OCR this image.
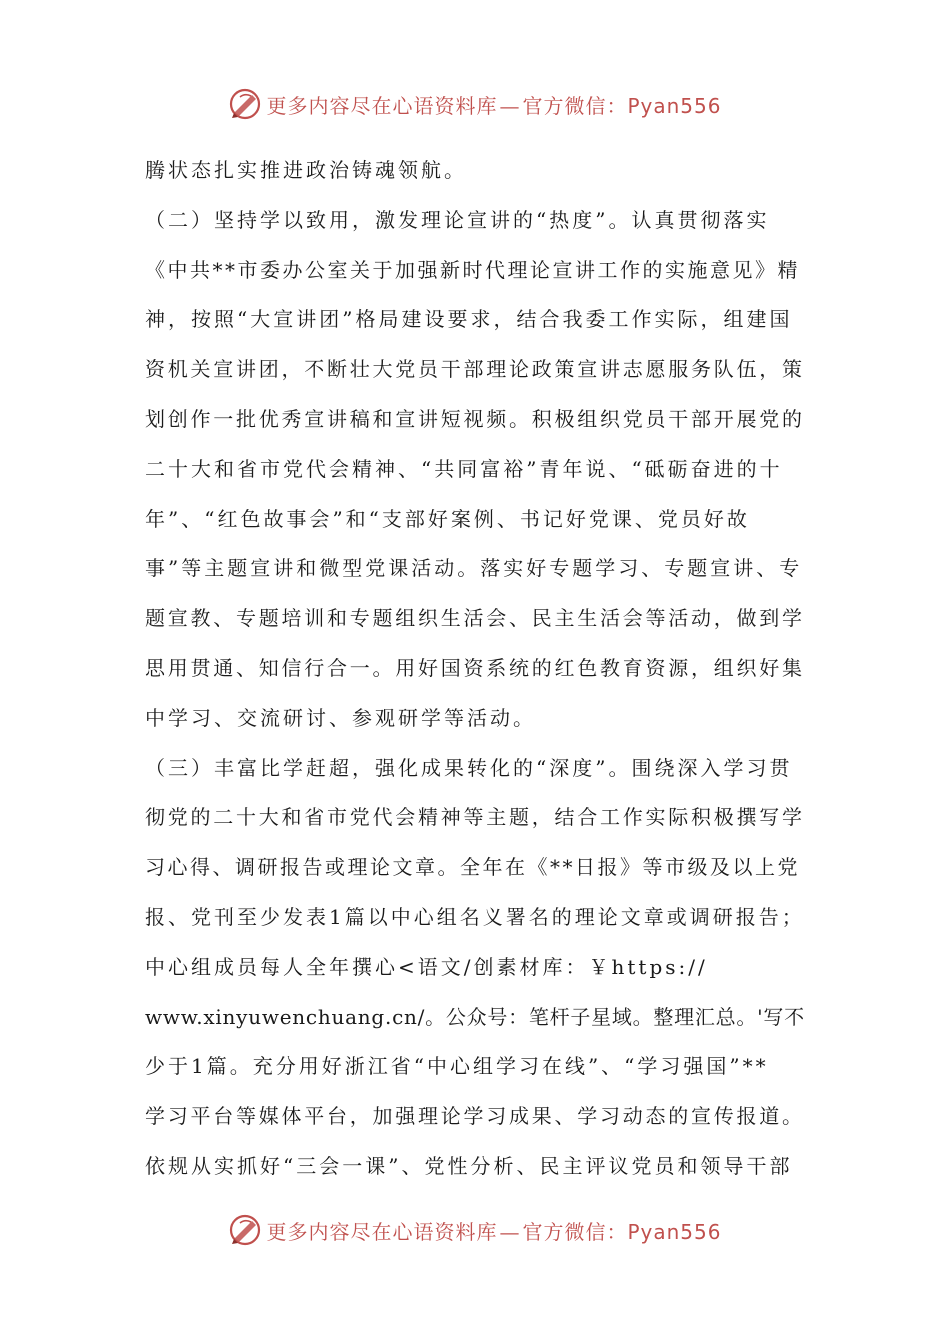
更多内容尽在心语资料库 — 官方微信：Pyan556
腾状态扎实推进政治铸魂领航。
（二）坚持学以致用，激发理论宣讲的“热度”。认真贯彻落实
《中共**市委办公室关于加强新时代理论宣讲工作的实施意见》精
神，按照“大宣讲团”格局建设要求，结合我委工作实际，组建国
资机关宣讲团，不断壮大党员干部理论政策宣讲志愿服务队伍，策
划创作一批优秀宣讲稿和宣讲短视频。积极组织党员干部开展党的
二十大和省市党代会精神、“共同富裕”青年说、“砥砺奋进的十
年”、“红色故事会”和“支部好案例、书记好党课、党员好故
事”等主题宣讲和微型党课活动。落实好专题学习、专题宣讲、专
题宣教、专题培训和专题组织生活会、民主生活会等活动，做到学
思用贯通、知信行合一。用好国资系统的红色教育资源，组织好集
中学习、交流研讨、参观研学等活动。
（三）丰富比学赶超，强化成果转化的“深度”。围绕深入学习贯
彻党的二十大和省市党代会精神等主题，结合工作实际积极撰写学
习心得、调研报告或理论文章。全年在《**日报》等市级及以上党
报、党刊至少发表1篇以中心组名义署名的理论文章或调研报告；
中心组成员每人全年撰心<语文/创素材库：￥https://
www.xinyuwenchuang.cn/。公众号：笔杆子星域。整理汇总。'写不
少于1篇。充分用好浙江省“中心组学习在线”、“学习强国”**
学习平台等媒体平台，加强理论学习成果、学习动态的宣传报道。
依规从实抓好“三会一课”、党性分析、民主评议党员和领导干部
更多内容尽在心语资料库 — 官方微信：Pyan556
